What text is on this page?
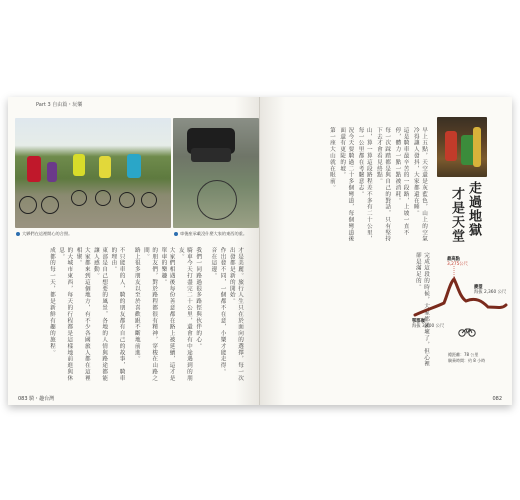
Part 3 自由篇・玩樂
大夥們在這裡開心的合照。	車後座承載沒什麼大家的東西的重。
才是美麗。旅行人生只在於面向的選擇，每一次出發都是新的開始。
作出發不同，一個都不在意，小樂才能走得。
音在這邊。
我們一同路過很多路徑與伙伴的心。
騎車今天打盡完二十公里，還會有中途遇到的朋友。
大家們相遇後每份善意都在路上被延續，這才是單車的樂趣。
的朋友們，對於路程都很有精神，穿梭在山路之間。
路上很多朋友以至於喜歡跟不斷地前進。
不只能車的人，騎的朋友都有自己的故事，騎車的理由。
東部是自己想要的風景，各地的人情與路途都能讓人感動。
大家都來到這個地方，有不少各國旅人都在這裡相聚。
的大城市東西，每天的行程都是這樣地前進與休息。
成都的每一天，都是新鮮有趣的旅程。
083 騎・趣台灣
早上五點，天空還是灰藍色，山上的空氣冷得讓人發抖，大家都還在睡。
這是騎車最辛苦的一段路，上坡一直不停，體力一點一點被消耗。
每一次踩踏都是與自己的對話，只有堅持下去才會看見終點。
山，算一算這段路程差不多有二十公里，每一公里都在考驗意志。
況今天要騎過二十多個彎道，每個彎道後面還有更陡的坡。
第一座大山就在眼前。
完成這段的時候，大家都累壞了，但心裡卻是滿足的。
082
走過地獄
才是天堂
最高點
3,275公尺
慶望
海拔 2,360 公尺
鄂郡嶺
海拔 3,400 公尺
總距離：78 公里
騎乘時間：約 8 小時
